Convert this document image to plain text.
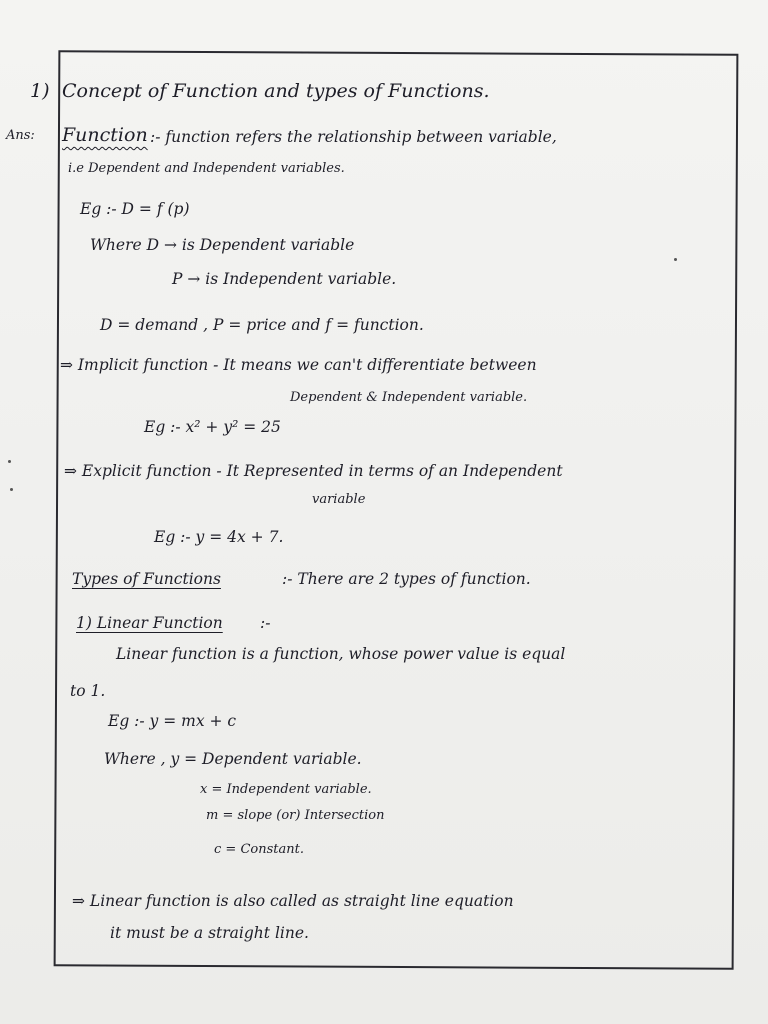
1) Concept of Function and types of Functions.
Ans: Function :- function refers the relationship between variable,
i.e Dependent and Independent variables.
Eg :- D = f (p)
Where D → is Dependent variable
P → is Independent variable.
D = demand , P = price and f = function.
⇒ Implicit function - It means we can't differentiate between
Dependent & Independent variable.
Eg :- x² + y² = 25
⇒ Explicit function - It Represented in terms of an Independent
variable
Eg :- y = 4x + 7.
Types of Functions	:- There are 2 types of function.
1) Linear Function :-
Linear function is a function, whose power value is equal
to 1.
Eg :- y = mx + c
Where , y = Dependent variable.
x = Independent variable.
m = slope (or) Intersection
c = Constant.
⇒ Linear function is also called as straight line equation
it must be a straight line.
